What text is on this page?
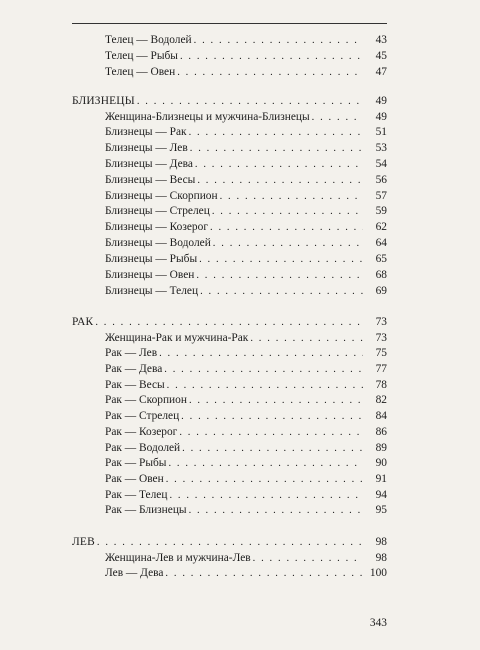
Телец — Водолей . . .	43
Телец — Рыбы . . .	45
Телец — Овен . . .	47
БЛИЗНЕЦЫ . . .	49
Женщина-Близнецы и мужчина-Близнецы . . .	49
Близнецы — Рак . . .	51
Близнецы — Лев . . .	53
Близнецы — Дева . . .	54
Близнецы — Весы . . .	56
Близнецы — Скорпион . . .	57
Близнецы — Стрелец . . .	59
Близнецы — Козерог . . .	62
Близнецы — Водолей . . .	64
Близнецы — Рыбы . . .	65
Близнецы — Овен . . .	68
Близнецы — Телец . . .	69
РАК . . .	73
Женщина-Рак и мужчина-Рак . . .	73
Рак — Лев . . .	75
Рак — Дева . . .	77
Рак — Весы . . .	78
Рак — Скорпион . . .	82
Рак — Стрелец . . .	84
Рак — Козерог . . .	86
Рак — Водолей . . .	89
Рак — Рыбы . . .	90
Рак — Овен . . .	91
Рак — Телец . . .	94
Рак — Близнецы . . .	95
ЛЕВ . . .	98
Женщина-Лев и мужчина-Лев . . .	98
Лев — Дева . . .	100
343
